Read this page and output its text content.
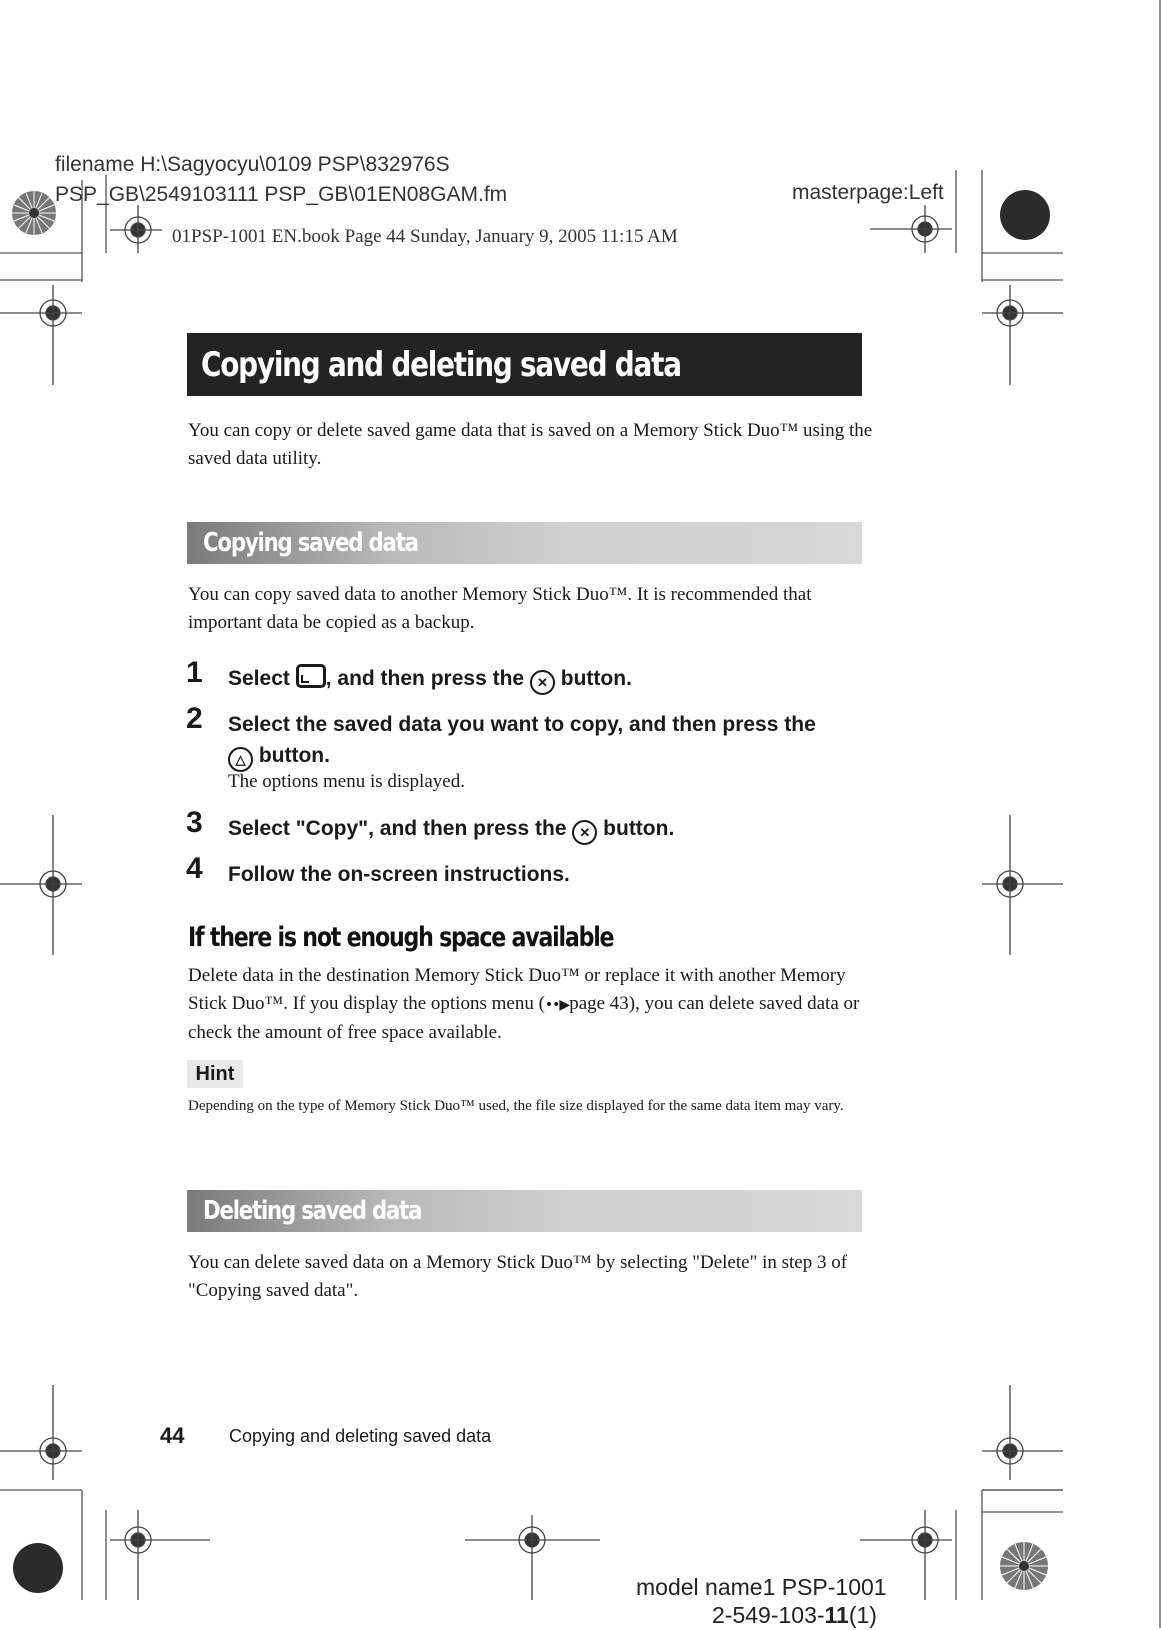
filename H:\Sagyocyu\0109 PSP\832976S
PSP_GB\2549103111 PSP_GB\01EN08GAM.fm	masterpage:Left
01PSP-1001 EN.book Page 44 Sunday, January 9, 2005 11:15 AM
Copying and deleting saved data
You can copy or delete saved game data that is saved on a Memory Stick Duo™ using the saved data utility.
Copying saved data
You can copy saved data to another Memory Stick Duo™. It is recommended that important data be copied as a backup.
1 Select , and then press the ✕ button.
2 Select the saved data you want to copy, and then press the
△ button.
The options menu is displayed.
3 Select "Copy", and then press the ✕ button.
4 Follow the on-screen instructions.
If there is not enough space available
Delete data in the destination Memory Stick Duo™ or replace it with another Memory Stick Duo™. If you display the options menu (••▶page 43), you can delete saved data or check the amount of free space available.
Hint
Depending on the type of Memory Stick Duo™ used, the file size displayed for the same data item may vary.
Deleting saved data
You can delete saved data on a Memory Stick Duo™ by selecting "Delete" in step 3 of "Copying saved data".
44 Copying and deleting saved data
model name1 PSP-1001
2-549-103-11(1)
